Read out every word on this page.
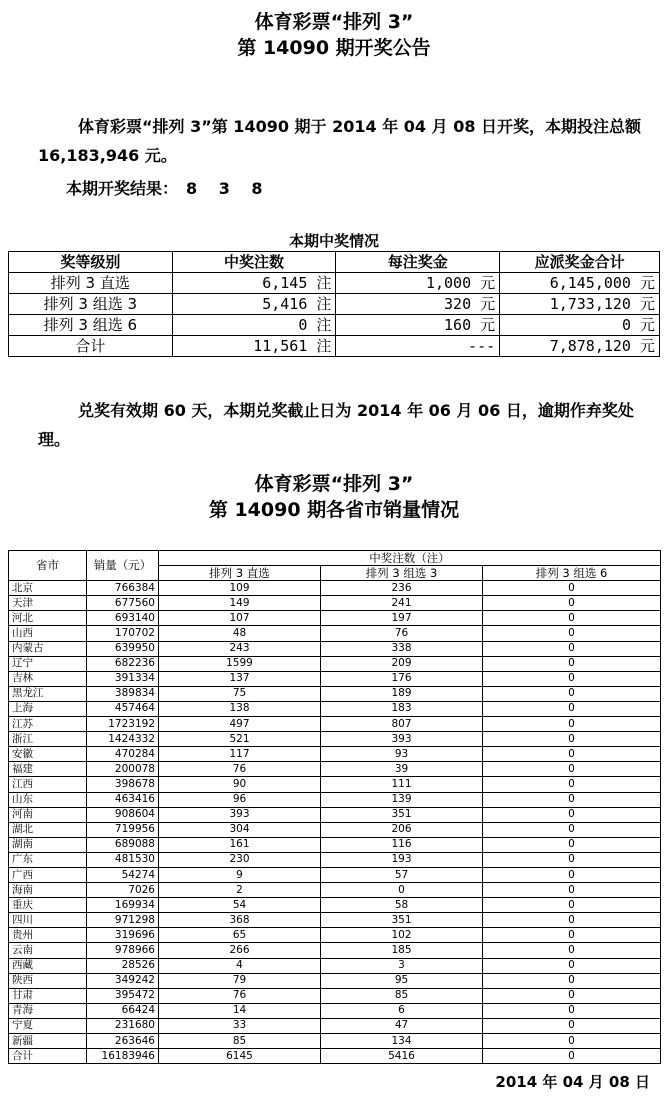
体育彩票“排列 3”
第 14090 期开奖公告

体育彩票“排列 3”第 14090 期于 2014 年 04 月 08 日开奖，本期投注总额 16,183,946 元。

本期开奖结果： 8 3 8

本期中奖情况

奖等级别	中奖注数	每注奖金	应派奖金合计
排列 3 直选	6,145 注	1,000 元	6,145,000 元
排列 3 组选 3	5,416 注	320 元	1,733,120 元
排列 3 组选 6	0 注	160 元	0 元
合计	11,561 注	---	7,878,120 元

兑奖有效期 60 天，本期兑奖截止日为 2014 年 06 月 06 日，逾期作弃奖处理。

体育彩票“排列 3”
第 14090 期各省市销量情况
省市	销量（元）	中奖注数（注）		
		排列 3 直选	排列 3 组选 3	排列 3 组选 6
北京	766384	109	236	0
天津	677560	149	241	0
河北	693140	107	197	0
山西	170702	48	76	0
内蒙古	639950	243	338	0
辽宁	682236	1599	209	0
吉林	391334	137	176	0
黑龙江	389834	75	189	0
上海	457464	138	183	0
江苏	1723192	497	807	0
浙江	1424332	521	393	0
安徽	470284	117	93	0
福建	200078	76	39	0
江西	398678	90	111	0
山东	463416	96	139	0
河南	908604	393	351	0
湖北	719956	304	206	0
湖南	689088	161	116	0
广东	481530	230	193	0
广西	54274	9	57	0
海南	7026	2	0	0
重庆	169934	54	58	0
四川	971298	368	351	0
贵州	319696	65	102	0
云南	978966	266	185	0
西藏	28526	4	3	0
陕西	349242	79	95	0
甘肃	395472	76	85	0
青海	66424	14	6	0
宁夏	231680	33	47	0
新疆	263646	85	134	0
合计	16183946	6145	5416	0

2014 年 04 月 08 日
